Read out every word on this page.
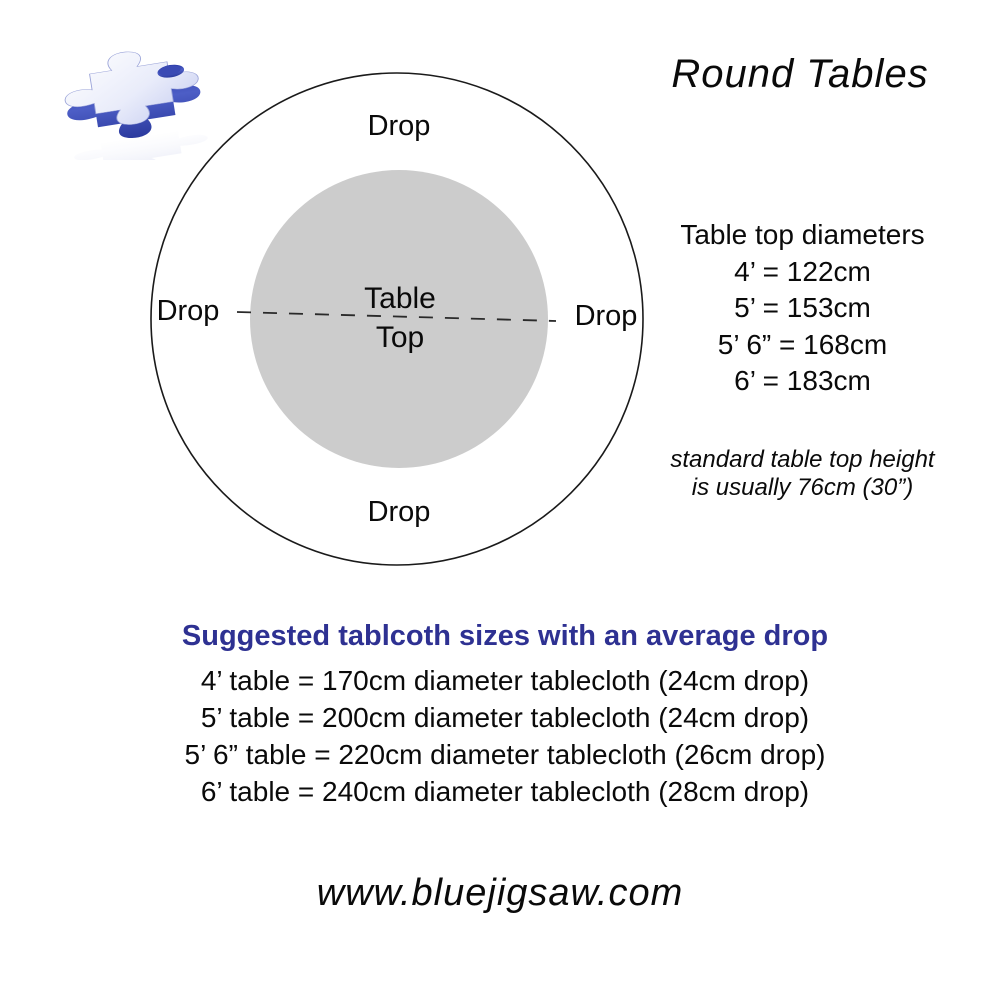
Round Tables
Drop
Drop	Drop
Drop
Table
Top
Table top diameters
4’ = 122cm
5’ = 153cm
5’ 6” = 168cm
6’ = 183cm
standard table top height
is usually 76cm (30”)
Suggested tablcoth sizes with an average drop
4’ table = 170cm diameter tablecloth (24cm drop)
5’ table = 200cm diameter tablecloth (24cm drop)
5’ 6” table = 220cm diameter tablecloth (26cm drop)
6’ table = 240cm diameter tablecloth (28cm drop)
www.bluejigsaw.com
